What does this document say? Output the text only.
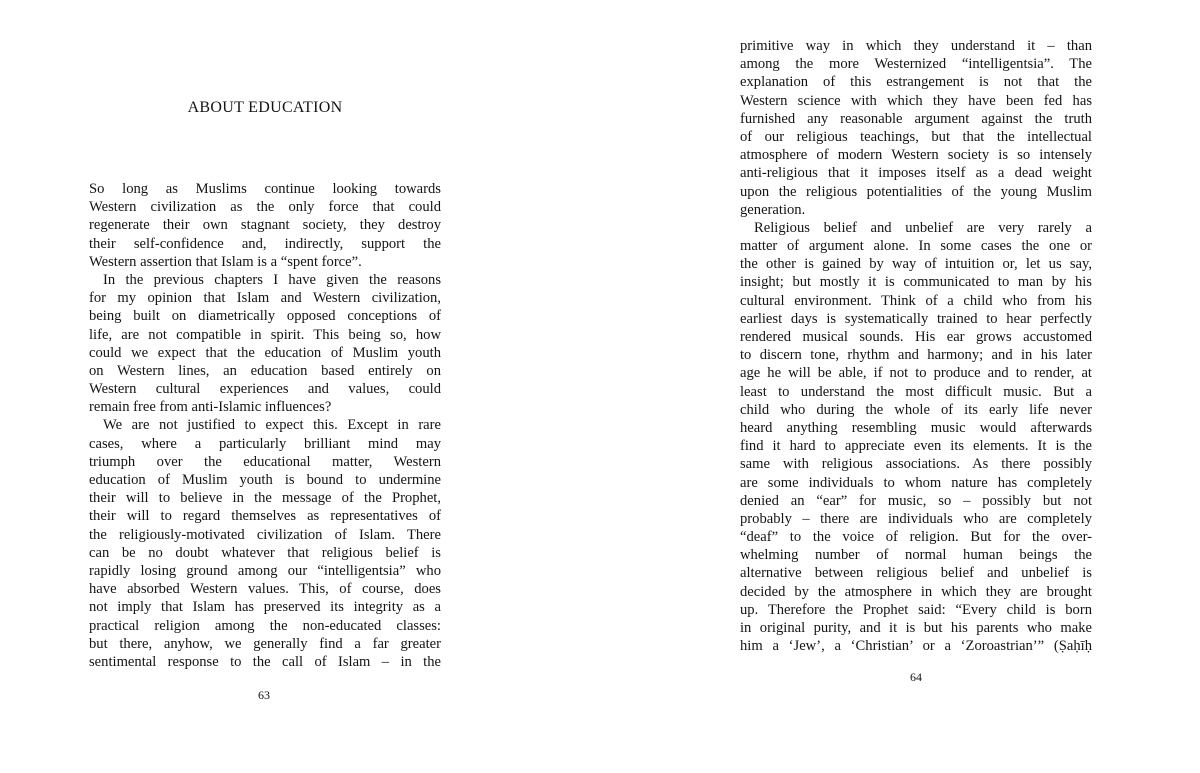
ABOUT EDUCATION
So long as Muslims continue looking towards
Western civilization as the only force that could
regenerate their own stagnant society, they destroy
their self-confidence and, indirectly, support the
Western assertion that Islam is a “spent force”.
In the previous chapters I have given the reasons
for my opinion that Islam and Western civilization,
being built on diametrically opposed conceptions of
life, are not compatible in spirit. This being so, how
could we expect that the education of Muslim youth
on Western lines, an education based entirely on
Western cultural experiences and values, could
remain free from anti-Islamic influences?
We are not justified to expect this. Except in rare
cases, where a particularly brilliant mind may
triumph over the educational matter, Western
education of Muslim youth is bound to undermine
their will to believe in the message of the Prophet,
their will to regard themselves as representatives of
the religiously-motivated civilization of Islam. There
can be no doubt whatever that religious belief is
rapidly losing ground among our “intelligentsia” who
have absorbed Western values. This, of course, does
not imply that Islam has preserved its integrity as a
practical religion among the non-educated classes:
but there, anyhow, we generally find a far greater
sentimental response to the call of Islam – in the
63
primitive way in which they understand it – than
among the more Westernized “intelligentsia”. The
explanation of this estrangement is not that the
Western science with which they have been fed has
furnished any reasonable argument against the truth
of our religious teachings, but that the intellectual
atmosphere of modern Western society is so intensely
anti-religious that it imposes itself as a dead weight
upon the religious potentialities of the young Muslim
generation.
Religious belief and unbelief are very rarely a
matter of argument alone. In some cases the one or
the other is gained by way of intuition or, let us say,
insight; but mostly it is communicated to man by his
cultural environment. Think of a child who from his
earliest days is systematically trained to hear perfectly
rendered musical sounds. His ear grows accustomed
to discern tone, rhythm and harmony; and in his later
age he will be able, if not to produce and to render, at
least to understand the most difficult music. But a
child who during the whole of its early life never
heard anything resembling music would afterwards
find it hard to appreciate even its elements. It is the
same with religious associations. As there possibly
are some individuals to whom nature has completely
denied an “ear” for music, so – possibly but not
probably – there are individuals who are completely
“deaf” to the voice of religion. But for the over-
whelming number of normal human beings the
alternative between religious belief and unbelief is
decided by the atmosphere in which they are brought
up. Therefore the Prophet said: “Every child is born
in original purity, and it is but his parents who make
him a ‘Jew’, a ‘Christian’ or a ‘Zoroastrian’” (Ṣaḥīḥ
64
